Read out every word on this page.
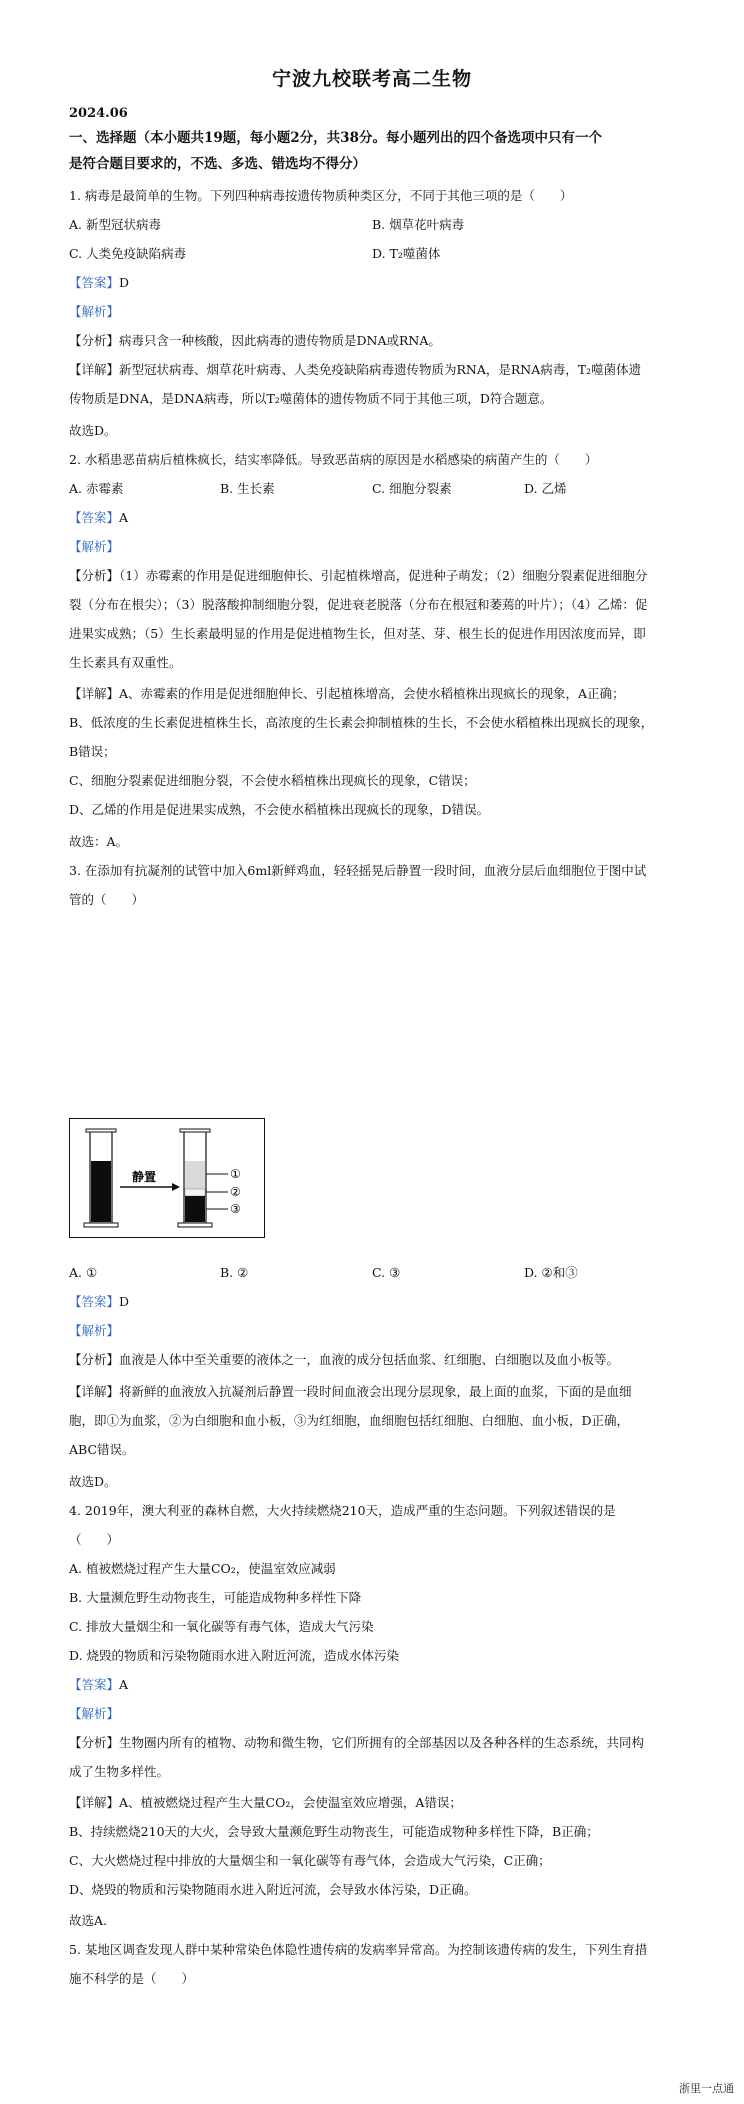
宁波九校联考高二生物
2024.06
一、选择题（本小题共19题，每小题2分，共38分。每小题列出的四个备选项中只有一个
是符合题目要求的，不选、多选、错选均不得分）
1. 病毒是最简单的生物。下列四种病毒按遗传物质种类区分，不同于其他三项的是（　　）
A. 新型冠状病毒	B. 烟草花叶病毒
C. 人类免疫缺陷病毒	D. T₂噬菌体
【答案】D
【解析】
【分析】病毒只含一种核酸，因此病毒的遗传物质是DNA或RNA。
【详解】新型冠状病毒、烟草花叶病毒、人类免疫缺陷病毒遗传物质为RNA，是RNA病毒，T₂噬菌体遗
传物质是DNA，是DNA病毒，所以T₂噬菌体的遗传物质不同于其他三项，D符合题意。
故选D。
2. 水稻患恶苗病后植株疯长，结实率降低。导致恶苗病的原因是水稻感染的病菌产生的（　　）
A. 赤霉素	B. 生长素	C. 细胞分裂素	D. 乙烯
【答案】A
【解析】
【分析】（1）赤霉素的作用是促进细胞伸长、引起植株增高，促进种子萌发；（2）细胞分裂素促进细胞分
裂（分布在根尖）；（3）脱落酸抑制细胞分裂，促进衰老脱落（分布在根冠和萎蔫的叶片）；（4）乙烯：促
进果实成熟；（5）生长素最明显的作用是促进植物生长，但对茎、芽、根生长的促进作用因浓度而异，即
生长素具有双重性。
【详解】A、赤霉素的作用是促进细胞伸长、引起植株增高，会使水稻植株出现疯长的现象，A正确；
B、低浓度的生长素促进植株生长，高浓度的生长素会抑制植株的生长，不会使水稻植株出现疯长的现象，
B错误；
C、细胞分裂素促进细胞分裂，不会使水稻植株出现疯长的现象，C错误；
D、乙烯的作用是促进果实成熟，不会使水稻植株出现疯长的现象，D错误。
故选：A。
3. 在添加有抗凝剂的试管中加入6ml新鲜鸡血，轻轻摇晃后静置一段时间，血液分层后血细胞位于图中试
管的（　　）
静置	①
②
③
A. ①	B. ②	C. ③	D. ②和③
【答案】D
【解析】
【分析】血液是人体中至关重要的液体之一，血液的成分包括血浆、红细胞、白细胞以及血小板等。
【详解】将新鲜的血液放入抗凝剂后静置一段时间血液会出现分层现象，最上面的血浆，下面的是血细
胞，即①为血浆，②为白细胞和血小板，③为红细胞，血细胞包括红细胞、白细胞、血小板，D正确，
ABC错误。
故选D。
4. 2019年，澳大利亚的森林自燃，大火持续燃烧210天，造成严重的生态问题。下列叙述错误的是
（　　）
A. 植被燃烧过程产生大量CO₂，使温室效应减弱
B. 大量濒危野生动物丧生，可能造成物种多样性下降
C. 排放大量烟尘和一氧化碳等有毒气体，造成大气污染
D. 烧毁的物质和污染物随雨水进入附近河流，造成水体污染
【答案】A
【解析】
【分析】生物圈内所有的植物、动物和微生物，它们所拥有的全部基因以及各种各样的生态系统，共同构
成了生物多样性。
【详解】A、植被燃烧过程产生大量CO₂，会使温室效应增强，A错误；
B、持续燃烧210天的大火，会导致大量濒危野生动物丧生，可能造成物种多样性下降，B正确；
C、大火燃烧过程中排放的大量烟尘和一氧化碳等有毒气体，会造成大气污染，C正确；
D、烧毁的物质和污染物随雨水进入附近河流，会导致水体污染，D正确。
故选A.
5. 某地区调查发现人群中某种常染色体隐性遗传病的发病率异常高。为控制该遗传病的发生，下列生育措
施不科学的是（　　）
浙里一点通
